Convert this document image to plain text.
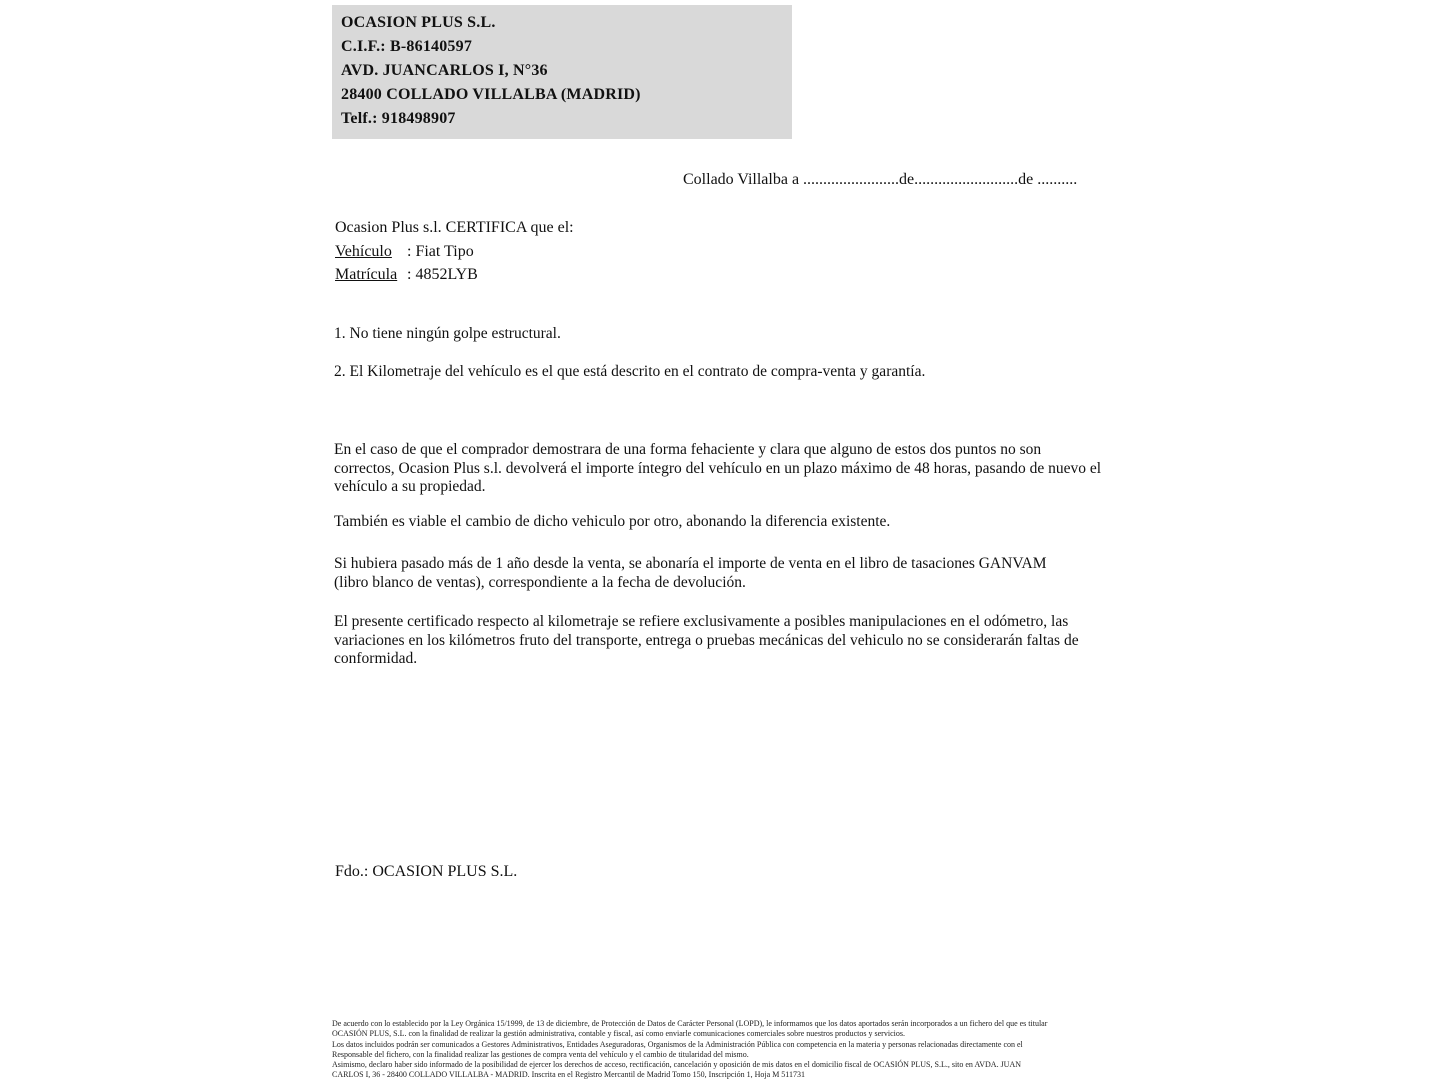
OCASION PLUS S.L.
C.I.F.: B-86140597
AVD. JUANCARLOS I, N°36
28400 COLLADO VILLALBA (MADRID)
Telf.: 918498907
Collado Villalba a ........................de..........................de ..........
Ocasion Plus s.l. CERTIFICA que el:
Vehículo : Fiat Tipo
Matrícula : 4852LYB
1. No tiene ningún golpe estructural.
2. El Kilometraje del vehículo es el que está descrito en el contrato de compra-venta y garantía.
En el caso de que el comprador demostrara de una forma fehaciente y clara que alguno de estos dos puntos no son correctos, Ocasion Plus s.l. devolverá el importe íntegro del vehículo en un plazo máximo de 48 horas, pasando de nuevo el vehículo a su propiedad.
También es viable el cambio de dicho vehiculo por otro, abonando la diferencia existente.
Si hubiera pasado más de 1 año desde la venta, se abonaría el importe de venta en el libro de tasaciones GANVAM (libro blanco de ventas), correspondiente a la fecha de devolución.
El presente certificado respecto al kilometraje se refiere exclusivamente a posibles manipulaciones en el odómetro, las variaciones en los kilómetros fruto del transporte, entrega o pruebas mecánicas del vehiculo no se considerarán faltas de conformidad.
Fdo.: OCASION PLUS S.L.
De acuerdo con lo establecido por la Ley Orgánica 15/1999, de 13 de diciembre, de Protección de Datos de Carácter Personal (LOPD), le informamos que los datos aportados serán incorporados a un fichero del que es titular
OCASIÓN PLUS, S.L. con la finalidad de realizar la gestión administrativa, contable y fiscal, así como enviarle comunicaciones comerciales sobre nuestros productos y servicios.
Los datos incluidos podrán ser comunicados a Gestores Administrativos, Entidades Aseguradoras, Organismos de la Administración Pública con competencia en la materia y personas relacionadas directamente con el
Responsable del fichero, con la finalidad realizar las gestiones de compra venta del vehículo y el cambio de titularidad del mismo.
Asimismo, declaro haber sido informado de la posibilidad de ejercer los derechos de acceso, rectificación, cancelación y oposición de mis datos en el domicilio fiscal de OCASIÓN PLUS, S.L., sito en AVDA. JUAN
CARLOS I, 36 - 28400 COLLADO VILLALBA - MADRID. Inscrita en el Registro Mercantil de Madrid Tomo 150, Inscripción 1, Hoja M 511731
